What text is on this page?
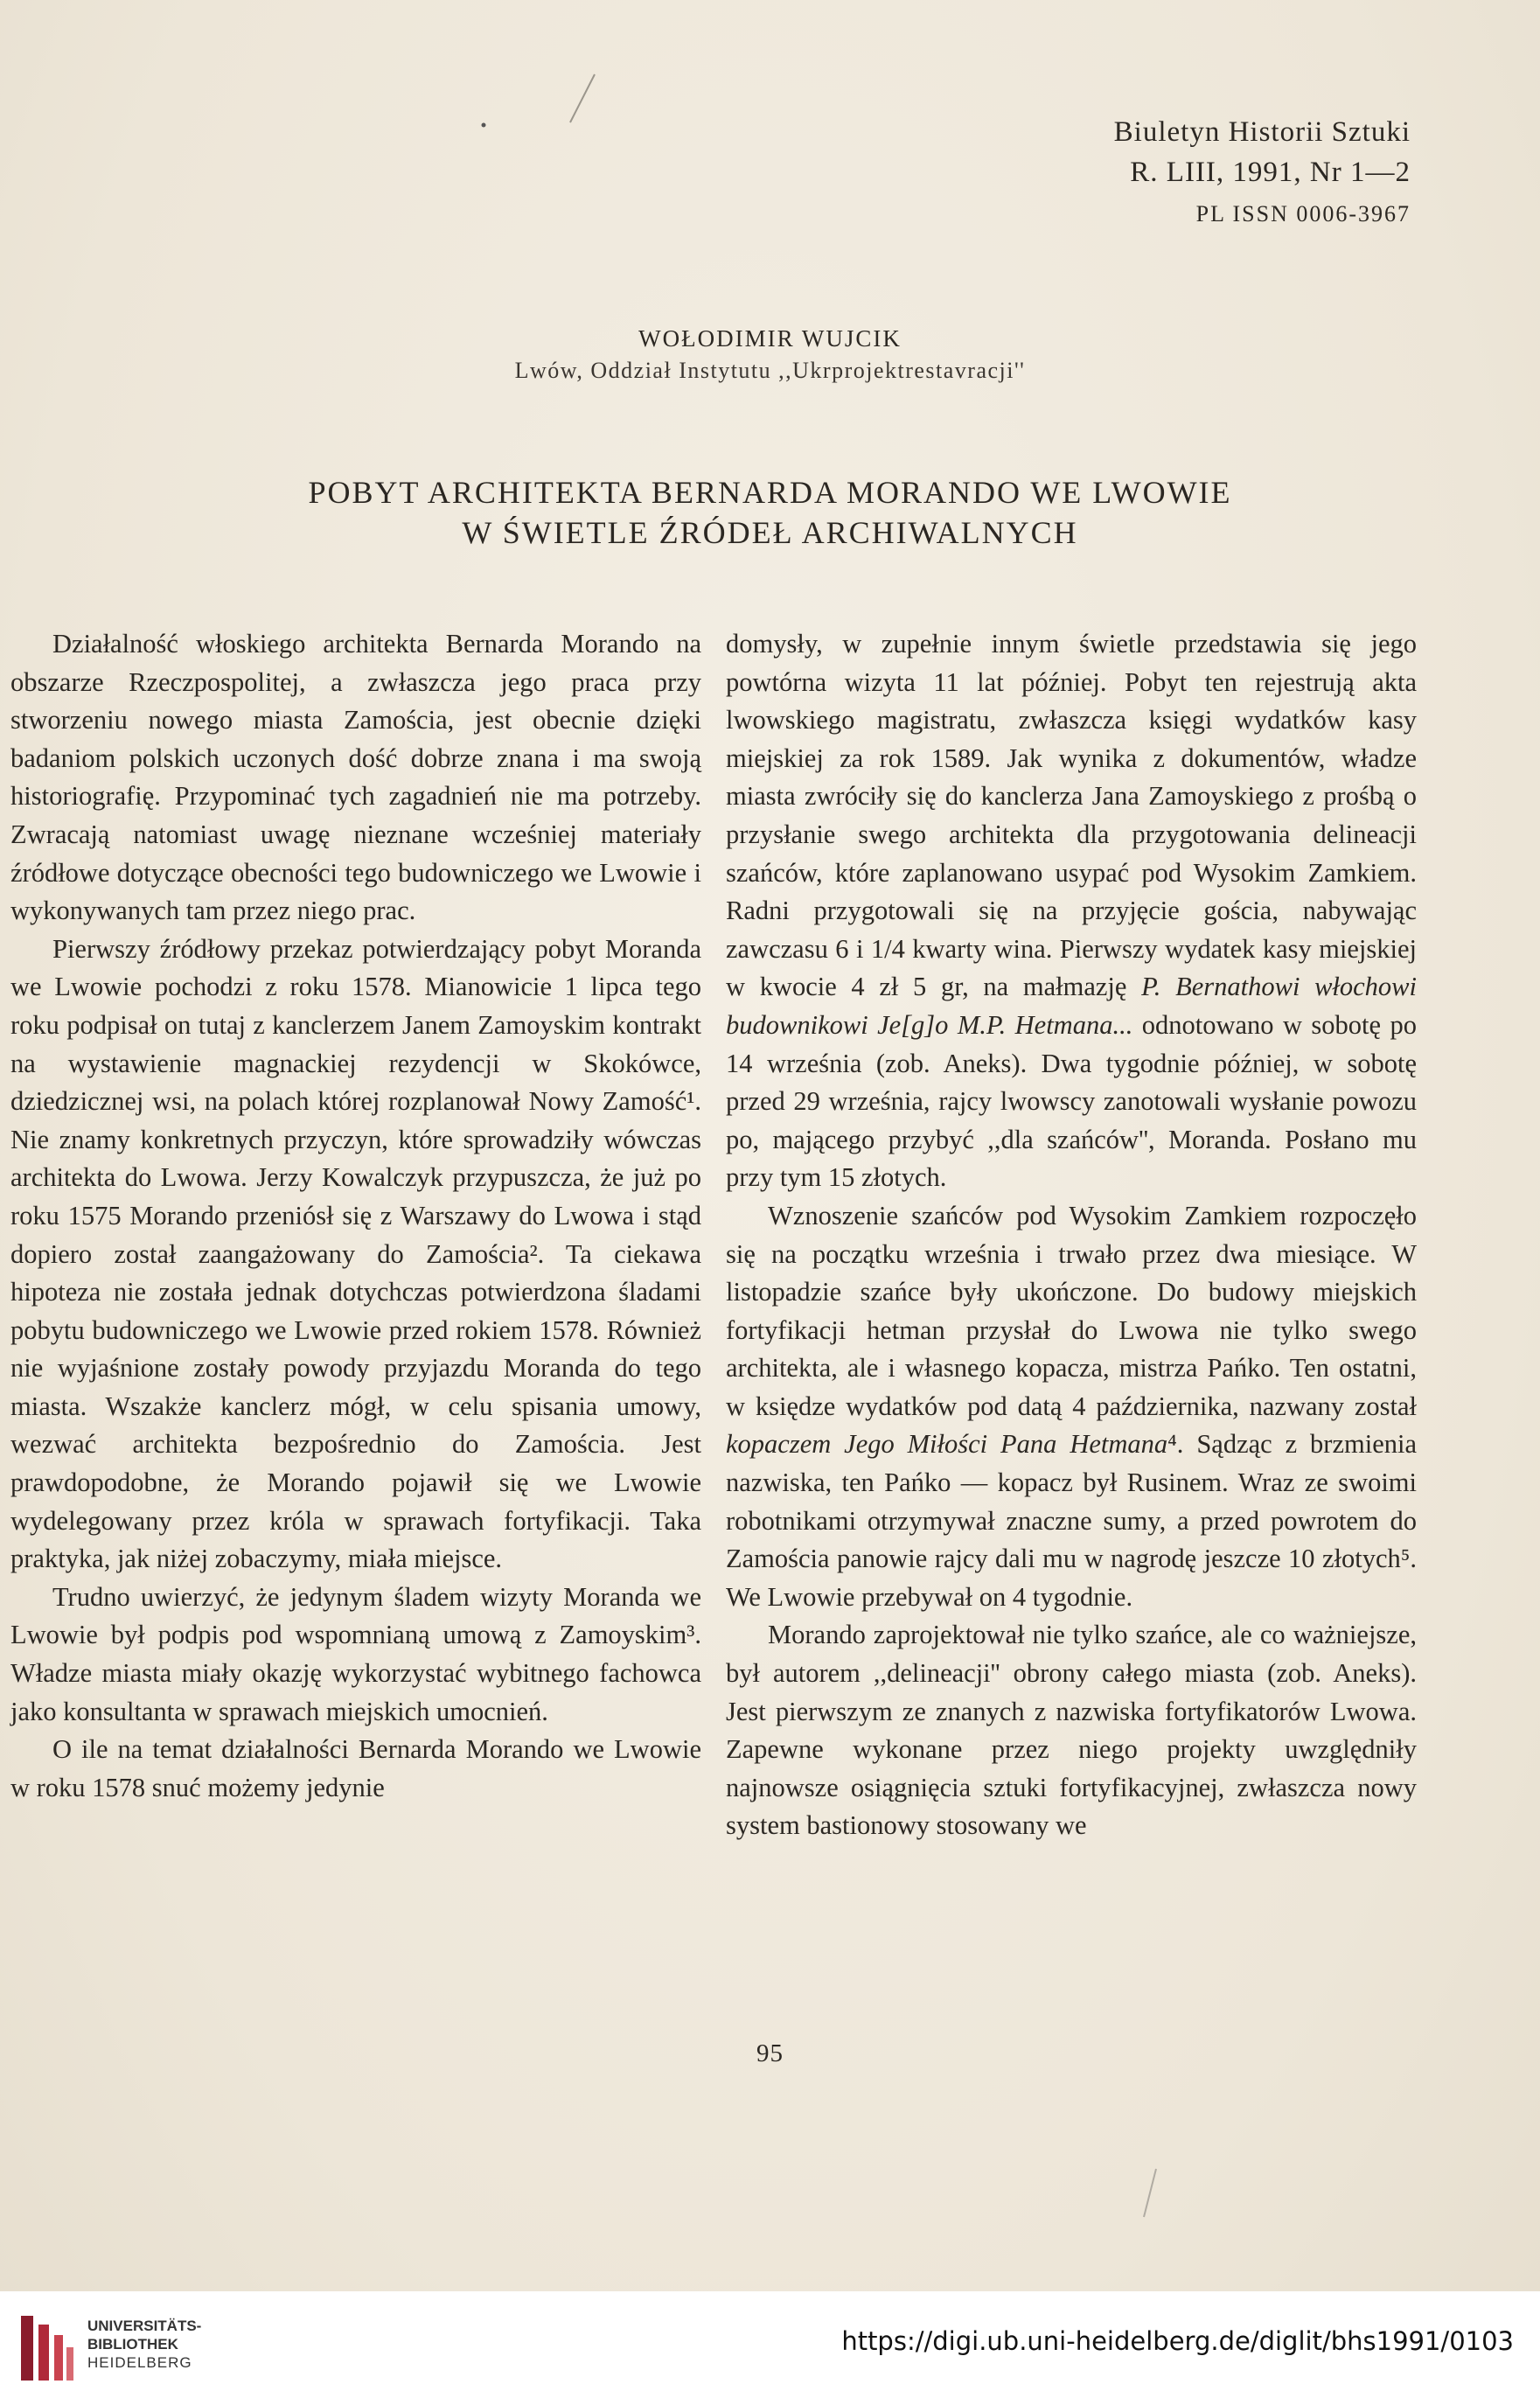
Biuletyn Historii Sztuki
R. LIII, 1991, Nr 1—2
PL ISSN 0006-3967
WOŁODIMIR WUJCIK
Lwów, Oddział Instytutu ,,Ukrprojektrestavracji''
POBYT ARCHITEKTA BERNARDA MORANDO WE LWOWIE
W ŚWIETLE ŹRÓDEŁ ARCHIWALNYCH

Działalność włoskiego architekta Bernarda Morando na obszarze Rzeczpospolitej, a zwłaszcza jego praca przy stworzeniu nowego miasta Zamościa, jest obecnie dzięki badaniom polskich uczonych dość dobrze znana i ma swoją historiografię. Przypominać tych zagadnień nie ma potrzeby. Zwracają natomiast uwagę nieznane wcześniej materiały źródłowe dotyczące obecności tego budowniczego we Lwowie i wykonywanych tam przez niego prac.

Pierwszy źródłowy przekaz potwierdzający pobyt Moranda we Lwowie pochodzi z roku 1578. Mianowicie 1 lipca tego roku podpisał on tutaj z kanclerzem Janem Zamoyskim kontrakt na wystawienie magnackiej rezydencji w Skokówce, dziedzicznej wsi, na polach której rozplanował Nowy Zamość¹. Nie znamy konkretnych przyczyn, które sprowadziły wówczas architekta do Lwowa. Jerzy Kowalczyk przypuszcza, że już po roku 1575 Morando przeniósł się z Warszawy do Lwowa i stąd dopiero został zaangażowany do Zamościa². Ta ciekawa hipoteza nie została jednak dotychczas potwierdzona śladami pobytu budowniczego we Lwowie przed rokiem 1578. Również nie wyjaśnione zostały powody przyjazdu Moranda do tego miasta. Wszakże kanclerz mógł, w celu spisania umowy, wezwać architekta bezpośrednio do Zamościa. Jest prawdopodobne, że Morando pojawił się we Lwowie wydelegowany przez króla w sprawach fortyfikacji. Taka praktyka, jak niżej zobaczymy, miała miejsce.

Trudno uwierzyć, że jedynym śladem wizyty Moranda we Lwowie był podpis pod wspomnianą umową z Zamoyskim³. Władze miasta miały okazję wykorzystać wybitnego fachowca jako konsultanta w sprawach miejskich umocnień.

O ile na temat działalności Bernarda Morando we Lwowie w roku 1578 snuć możemy jedynie

domysły, w zupełnie innym świetle przedstawia się jego powtórna wizyta 11 lat później. Pobyt ten rejestrują akta lwowskiego magistratu, zwłaszcza księgi wydatków kasy miejskiej za rok 1589. Jak wynika z dokumentów, władze miasta zwróciły się do kanclerza Jana Zamoyskiego z prośbą o przysłanie swego architekta dla przygotowania delineacji szańców, które zaplanowano usypać pod Wysokim Zamkiem. Radni przygotowali się na przyjęcie gościa, nabywając zawczasu 6 i 1/4 kwarty wina. Pierwszy wydatek kasy miejskiej w kwocie 4 zł 5 gr, na małmazję P. Bernathowi włochowi budownikowi Je[g]o M.P. Hetmana... odnotowano w sobotę po 14 września (zob. Aneks). Dwa tygodnie później, w sobotę przed 29 września, rajcy lwowscy zanotowali wysłanie powozu po, mającego przybyć ,,dla szańców'', Moranda. Posłano mu przy tym 15 złotych.

Wznoszenie szańców pod Wysokim Zamkiem rozpoczęło się na początku września i trwało przez dwa miesiące. W listopadzie szańce były ukończone. Do budowy miejskich fortyfikacji hetman przysłał do Lwowa nie tylko swego architekta, ale i własnego kopacza, mistrza Pańko. Ten ostatni, w księdze wydatków pod datą 4 października, nazwany został kopaczem Jego Miłości Pana Hetmana⁴. Sądząc z brzmienia nazwiska, ten Pańko — kopacz był Rusinem. Wraz ze swoimi robotnikami otrzymywał znaczne sumy, a przed powrotem do Zamościa panowie rajcy dali mu w nagrodę jeszcze 10 złotych⁵. We Lwowie przebywał on 4 tygodnie.

Morando zaprojektował nie tylko szańce, ale co ważniejsze, był autorem ,,delineacji'' obrony całego miasta (zob. Aneks). Jest pierwszym ze znanych z nazwiska fortyfikatorów Lwowa. Zapewne wykonane przez niego projekty uwzględniły najnowsze osiągnięcia sztuki fortyfikacyjnej, zwłaszcza nowy system bastionowy stosowany we

95
UNIVERSITÄTS-
BIBLIOTHEK
HEIDELBERG
https://digi.ub.uni-heidelberg.de/diglit/bhs1991/0103
